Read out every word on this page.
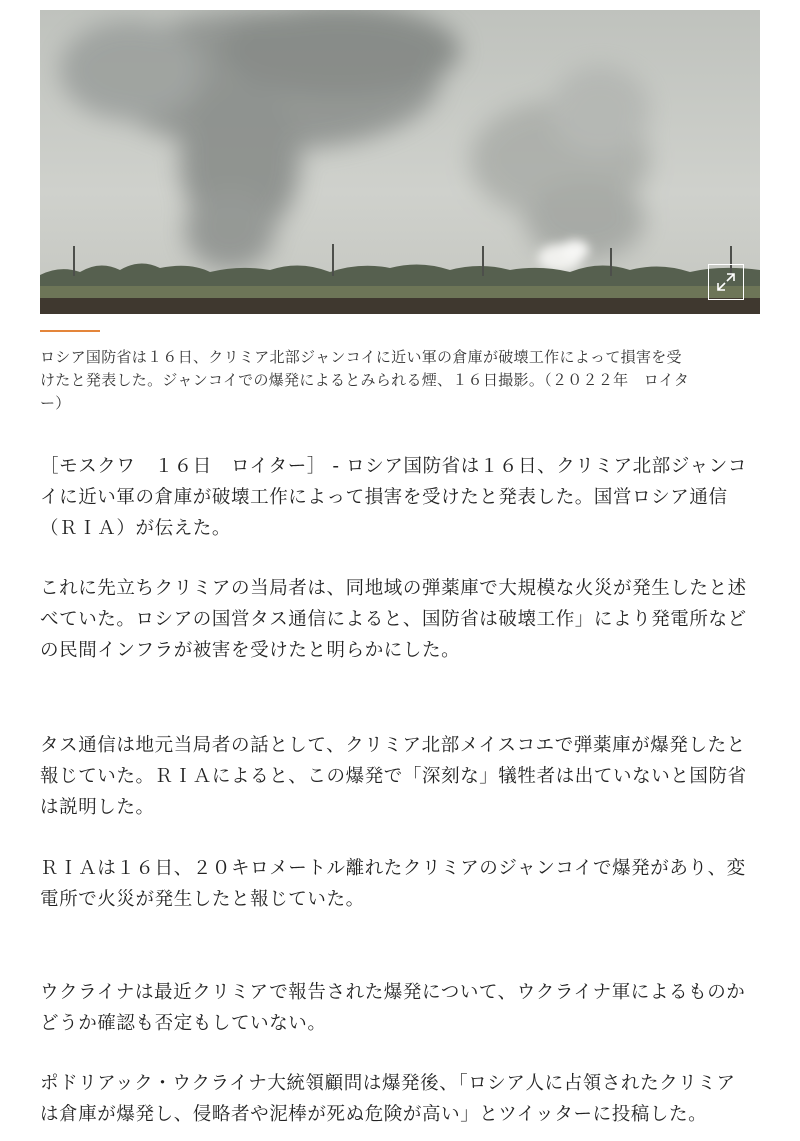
ロシア国防省は１６日、クリミア北部ジャンコイに近い軍の倉庫が破壊工作によって損害を受けたと発表した。ジャンコイでの爆発によるとみられる煙、１６日撮影。（２０２２年　ロイター）

［モスクワ　１６日　ロイター］ - ロシア国防省は１６日、クリミア北部ジャンコイに近い軍の倉庫が破壊工作によって損害を受けたと発表した。国営ロシア通信（ＲＩＡ）が伝えた。

これに先立ちクリミアの当局者は、同地域の弾薬庫で大規模な火災が発生したと述べていた。ロシアの国営タス通信によると、国防省は破壊工作」により発電所などの民間インフラが被害を受けたと明らかにした。

タス通信は地元当局者の話として、クリミア北部メイスコエで弾薬庫が爆発したと報じていた。ＲＩＡによると、この爆発で「深刻な」犠牲者は出ていないと国防省は説明した。

ＲＩＡは１６日、２０キロメートル離れたクリミアのジャンコイで爆発があり、変電所で火災が発生したと報じていた。

ウクライナは最近クリミアで報告された爆発について、ウクライナ軍によるものかどうか確認も否定もしていない。

ポドリアック・ウクライナ大統領顧問は爆発後、「ロシア人に占領されたクリミアは倉庫が爆発し、侵略者や泥棒が死ぬ危険が高い」とツイッターに投稿した。
